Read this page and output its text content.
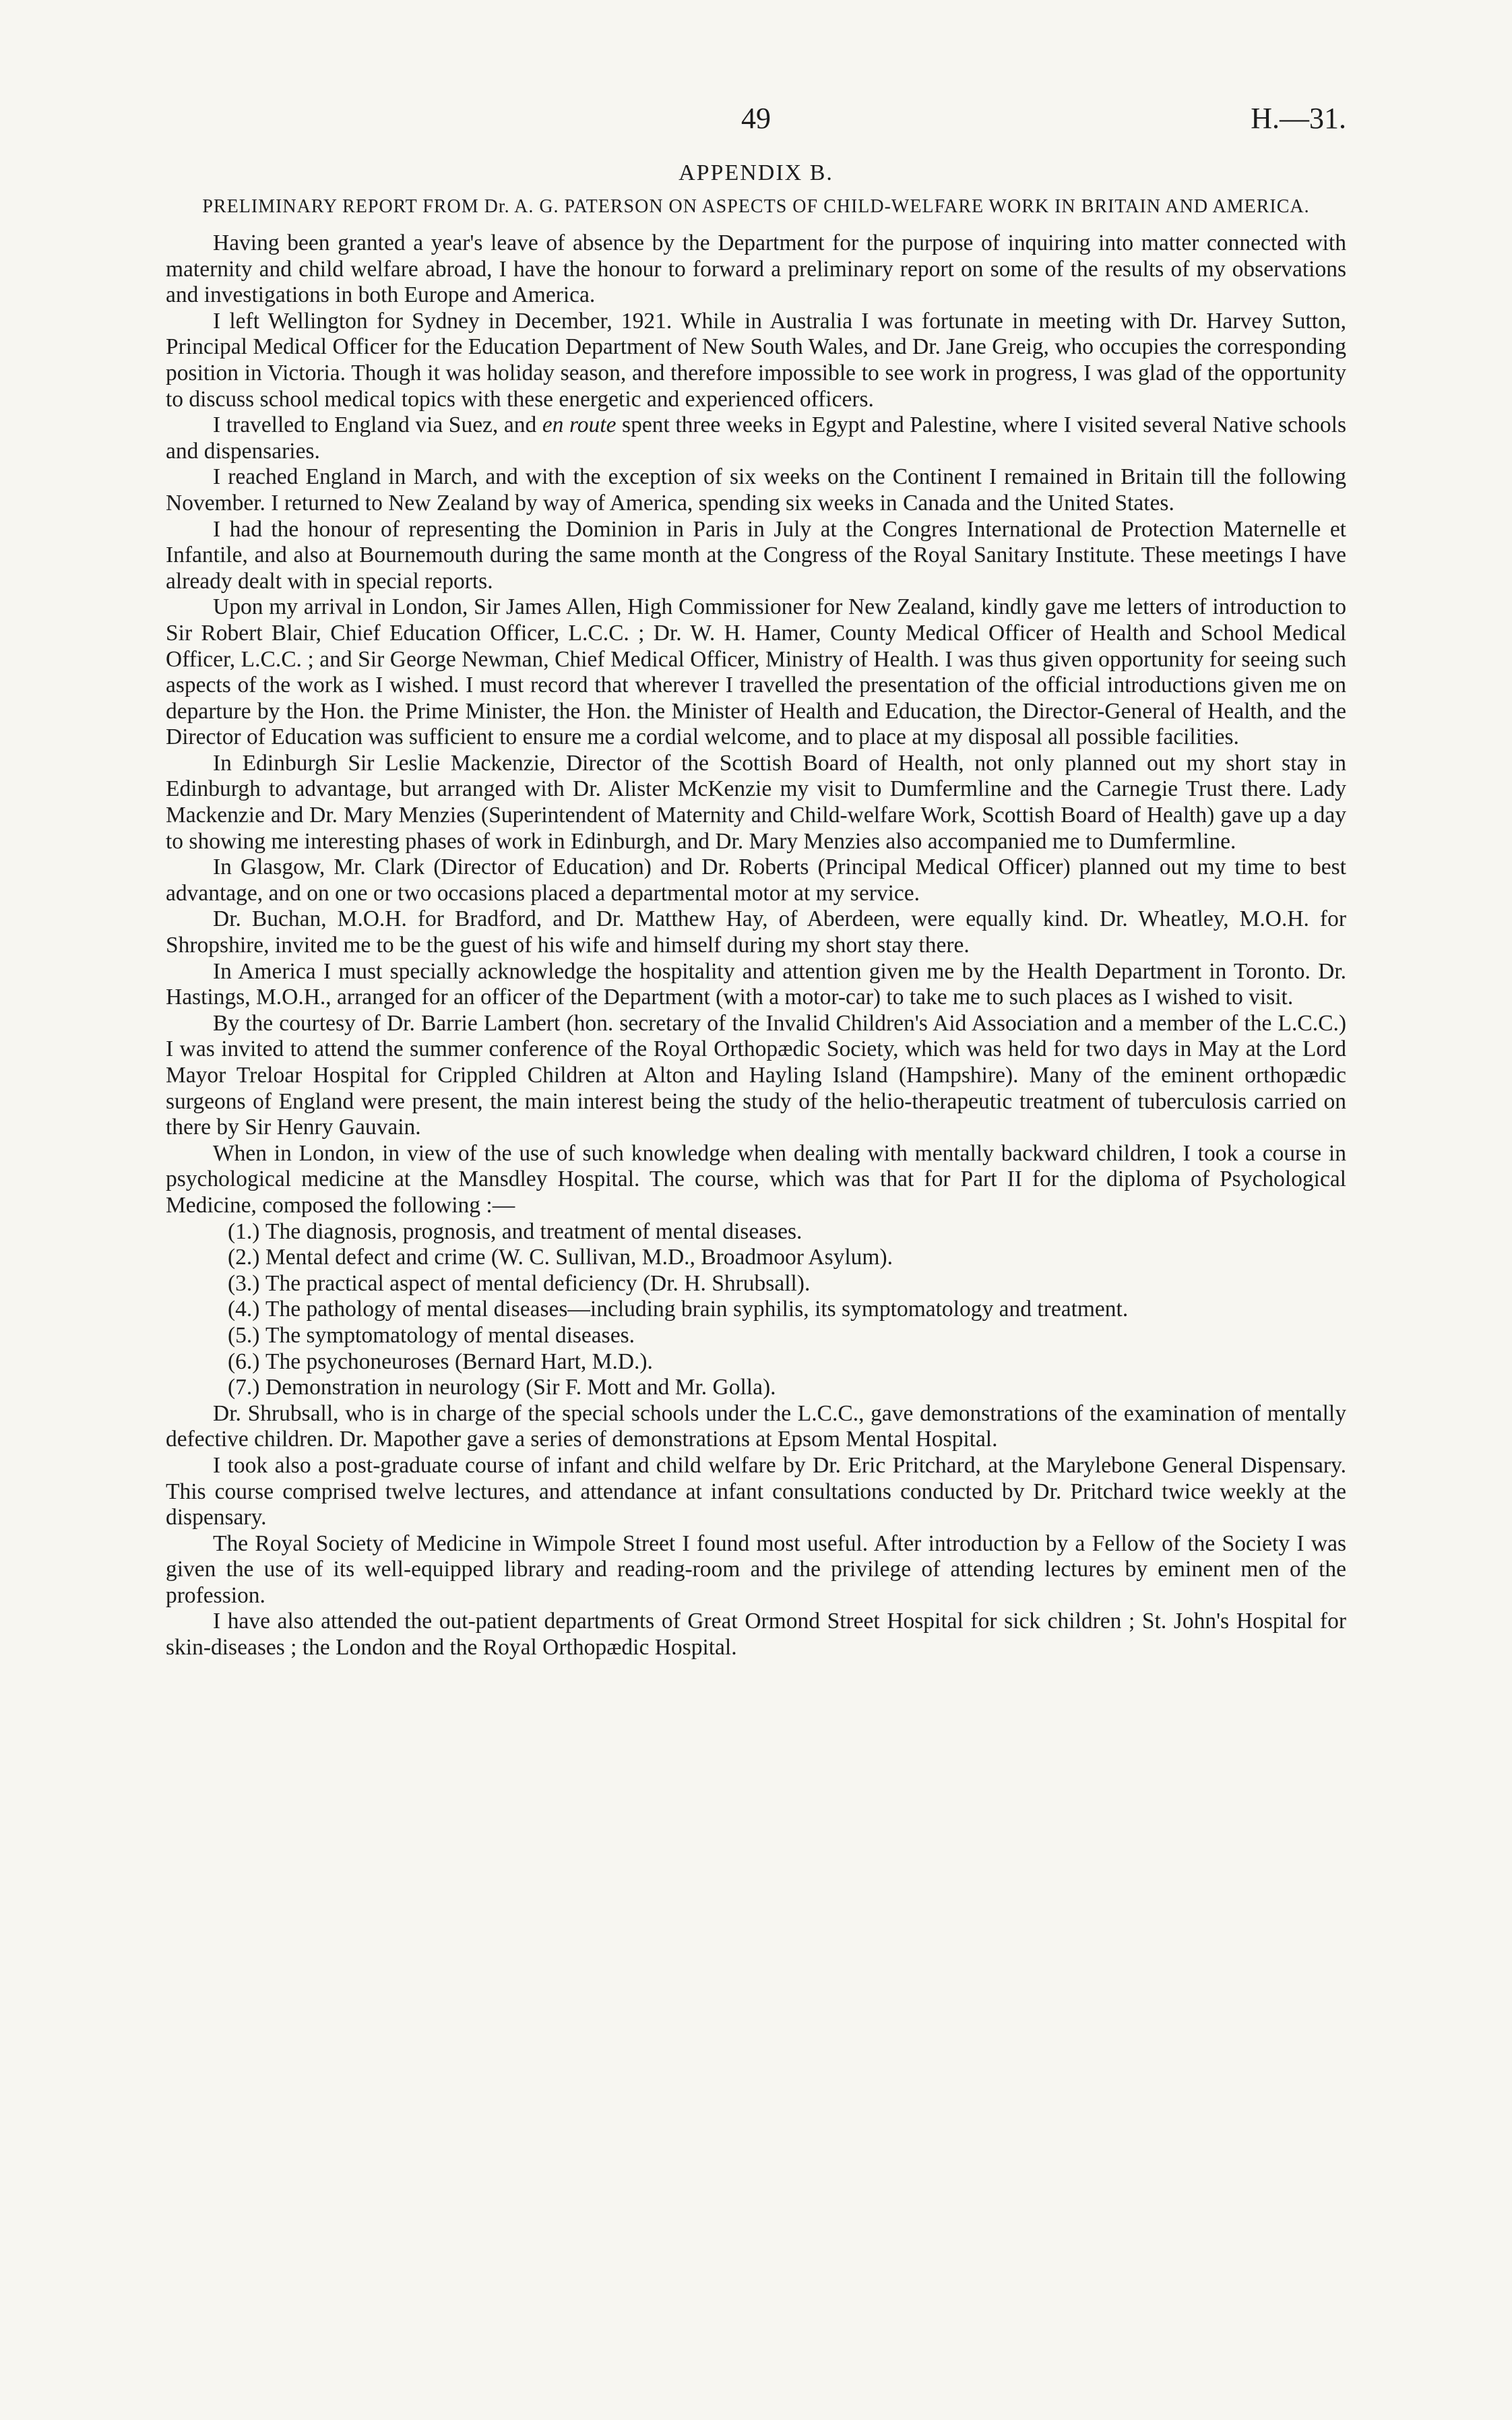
49	H.—31.
APPENDIX B.
PRELIMINARY REPORT FROM Dr. A. G. PATERSON ON ASPECTS OF CHILD-WELFARE WORK IN BRITAIN AND AMERICA.

Having been granted a year's leave of absence by the Department for the purpose of inquiring into matter connected with maternity and child welfare abroad, I have the honour to forward a preliminary report on some of the results of my observations and investigations in both Europe and America.

I left Wellington for Sydney in December, 1921. While in Australia I was fortunate in meeting with Dr. Harvey Sutton, Principal Medical Officer for the Education Department of New South Wales, and Dr. Jane Greig, who occupies the corresponding position in Victoria. Though it was holiday season, and therefore impossible to see work in progress, I was glad of the opportunity to discuss school medical topics with these energetic and experienced officers.

I travelled to England via Suez, and en route spent three weeks in Egypt and Palestine, where I visited several Native schools and dispensaries.

I reached England in March, and with the exception of six weeks on the Continent I remained in Britain till the following November. I returned to New Zealand by way of America, spending six weeks in Canada and the United States.

I had the honour of representing the Dominion in Paris in July at the Congres International de Protection Maternelle et Infantile, and also at Bournemouth during the same month at the Congress of the Royal Sanitary Institute. These meetings I have already dealt with in special reports.

Upon my arrival in London, Sir James Allen, High Commissioner for New Zealand, kindly gave me letters of introduction to Sir Robert Blair, Chief Education Officer, L.C.C. ; Dr. W. H. Hamer, County Medical Officer of Health and School Medical Officer, L.C.C. ; and Sir George Newman, Chief Medical Officer, Ministry of Health. I was thus given opportunity for seeing such aspects of the work as I wished. I must record that wherever I travelled the presentation of the official introductions given me on departure by the Hon. the Prime Minister, the Hon. the Minister of Health and Education, the Director-General of Health, and the Director of Education was sufficient to ensure me a cordial welcome, and to place at my disposal all possible facilities.

In Edinburgh Sir Leslie Mackenzie, Director of the Scottish Board of Health, not only planned out my short stay in Edinburgh to advantage, but arranged with Dr. Alister McKenzie my visit to Dumfermline and the Carnegie Trust there. Lady Mackenzie and Dr. Mary Menzies (Superintendent of Maternity and Child-welfare Work, Scottish Board of Health) gave up a day to showing me interesting phases of work in Edinburgh, and Dr. Mary Menzies also accompanied me to Dumfermline.

In Glasgow, Mr. Clark (Director of Education) and Dr. Roberts (Principal Medical Officer) planned out my time to best advantage, and on one or two occasions placed a departmental motor at my service.

Dr. Buchan, M.O.H. for Bradford, and Dr. Matthew Hay, of Aberdeen, were equally kind. Dr. Wheatley, M.O.H. for Shropshire, invited me to be the guest of his wife and himself during my short stay there.

In America I must specially acknowledge the hospitality and attention given me by the Health Department in Toronto. Dr. Hastings, M.O.H., arranged for an officer of the Department (with a motor-car) to take me to such places as I wished to visit.

By the courtesy of Dr. Barrie Lambert (hon. secretary of the Invalid Children's Aid Association and a member of the L.C.C.) I was invited to attend the summer conference of the Royal Orthopædic Society, which was held for two days in May at the Lord Mayor Treloar Hospital for Crippled Children at Alton and Hayling Island (Hampshire). Many of the eminent orthopædic surgeons of England were present, the main interest being the study of the helio-therapeutic treatment of tuberculosis carried on there by Sir Henry Gauvain.

When in London, in view of the use of such knowledge when dealing with mentally backward children, I took a course in psychological medicine at the Mansdley Hospital. The course, which was that for Part II for the diploma of Psychological Medicine, composed the following :—

(1.) The diagnosis, prognosis, and treatment of mental diseases.
(2.) Mental defect and crime (W. C. Sullivan, M.D., Broadmoor Asylum).
(3.) The practical aspect of mental deficiency (Dr. H. Shrubsall).
(4.) The pathology of mental diseases—including brain syphilis, its symptomatology and treatment.
(5.) The symptomatology of mental diseases.
(6.) The psychoneuroses (Bernard Hart, M.D.).
(7.) Demonstration in neurology (Sir F. Mott and Mr. Golla).

Dr. Shrubsall, who is in charge of the special schools under the L.C.C., gave demonstrations of the examination of mentally defective children. Dr. Mapother gave a series of demonstrations at Epsom Mental Hospital.

I took also a post-graduate course of infant and child welfare by Dr. Eric Pritchard, at the Marylebone General Dispensary. This course comprised twelve lectures, and attendance at infant consultations conducted by Dr. Pritchard twice weekly at the dispensary.

The Royal Society of Medicine in Wimpole Street I found most useful. After introduction by a Fellow of the Society I was given the use of its well-equipped library and reading-room and the privilege of attending lectures by eminent men of the profession.

I have also attended the out-patient departments of Great Ormond Street Hospital for sick children ; St. John's Hospital for skin-diseases ; the London and the Royal Orthopædic Hospital.
